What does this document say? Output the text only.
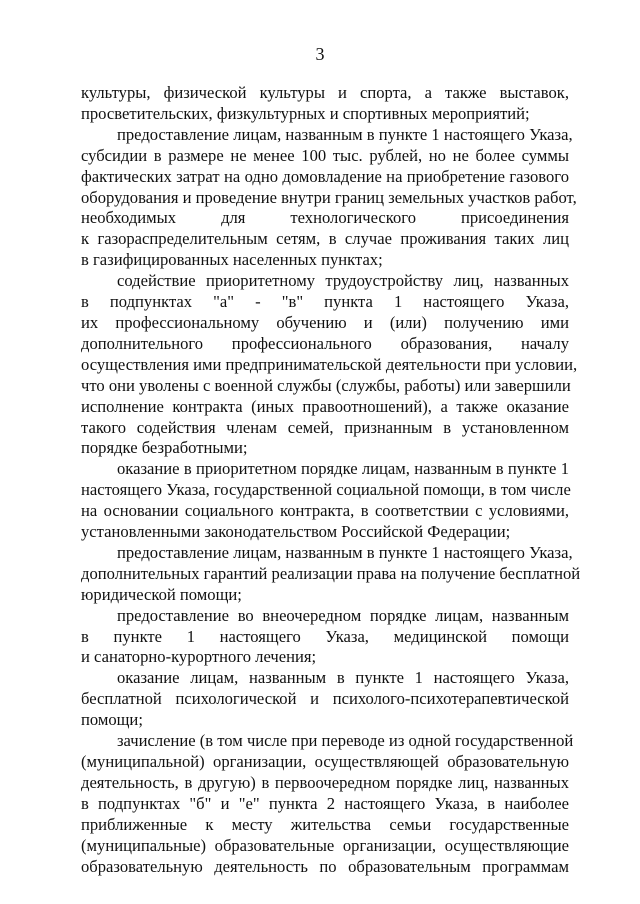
3
культуры, физической культуры и спорта, а также выставок,
просветительских, физкультурных и спортивных мероприятий;
предоставление лицам, названным в пункте 1 настоящего Указа,
субсидии в размере не менее 100 тыс. рублей, но не более суммы
фактических затрат на одно домовладение на приобретение газового
оборудования и проведение внутри границ земельных участков работ,
необходимых для технологического присоединения
к газораспределительным сетям, в случае проживания таких лиц
в газифицированных населенных пунктах;
содействие приоритетному трудоустройству лиц, названных
в подпунктах "а" - "в" пункта 1 настоящего Указа,
их профессиональному обучению и (или) получению ими
дополнительного профессионального образования, началу
осуществления ими предпринимательской деятельности при условии,
что они уволены с военной службы (службы, работы) или завершили
исполнение контракта (иных правоотношений), а также оказание
такого содействия членам семей, признанным в установленном
порядке безработными;
оказание в приоритетном порядке лицам, названным в пункте 1
настоящего Указа, государственной социальной помощи, в том числе
на основании социального контракта, в соответствии с условиями,
установленными законодательством Российской Федерации;
предоставление лицам, названным в пункте 1 настоящего Указа,
дополнительных гарантий реализации права на получение бесплатной
юридической помощи;
предоставление во внеочередном порядке лицам, названным
в пункте 1 настоящего Указа, медицинской помощи
и санаторно-курортного лечения;
оказание лицам, названным в пункте 1 настоящего Указа,
бесплатной психологической и психолого-психотерапевтической
помощи;
зачисление (в том числе при переводе из одной государственной
(муниципальной) организации, осуществляющей образовательную
деятельность, в другую) в первоочередном порядке лиц, названных
в подпунктах "б" и "е" пункта 2 настоящего Указа, в наиболее
приближенные к месту жительства семьи государственные
(муниципальные) образовательные организации, осуществляющие
образовательную деятельность по образовательным программам
